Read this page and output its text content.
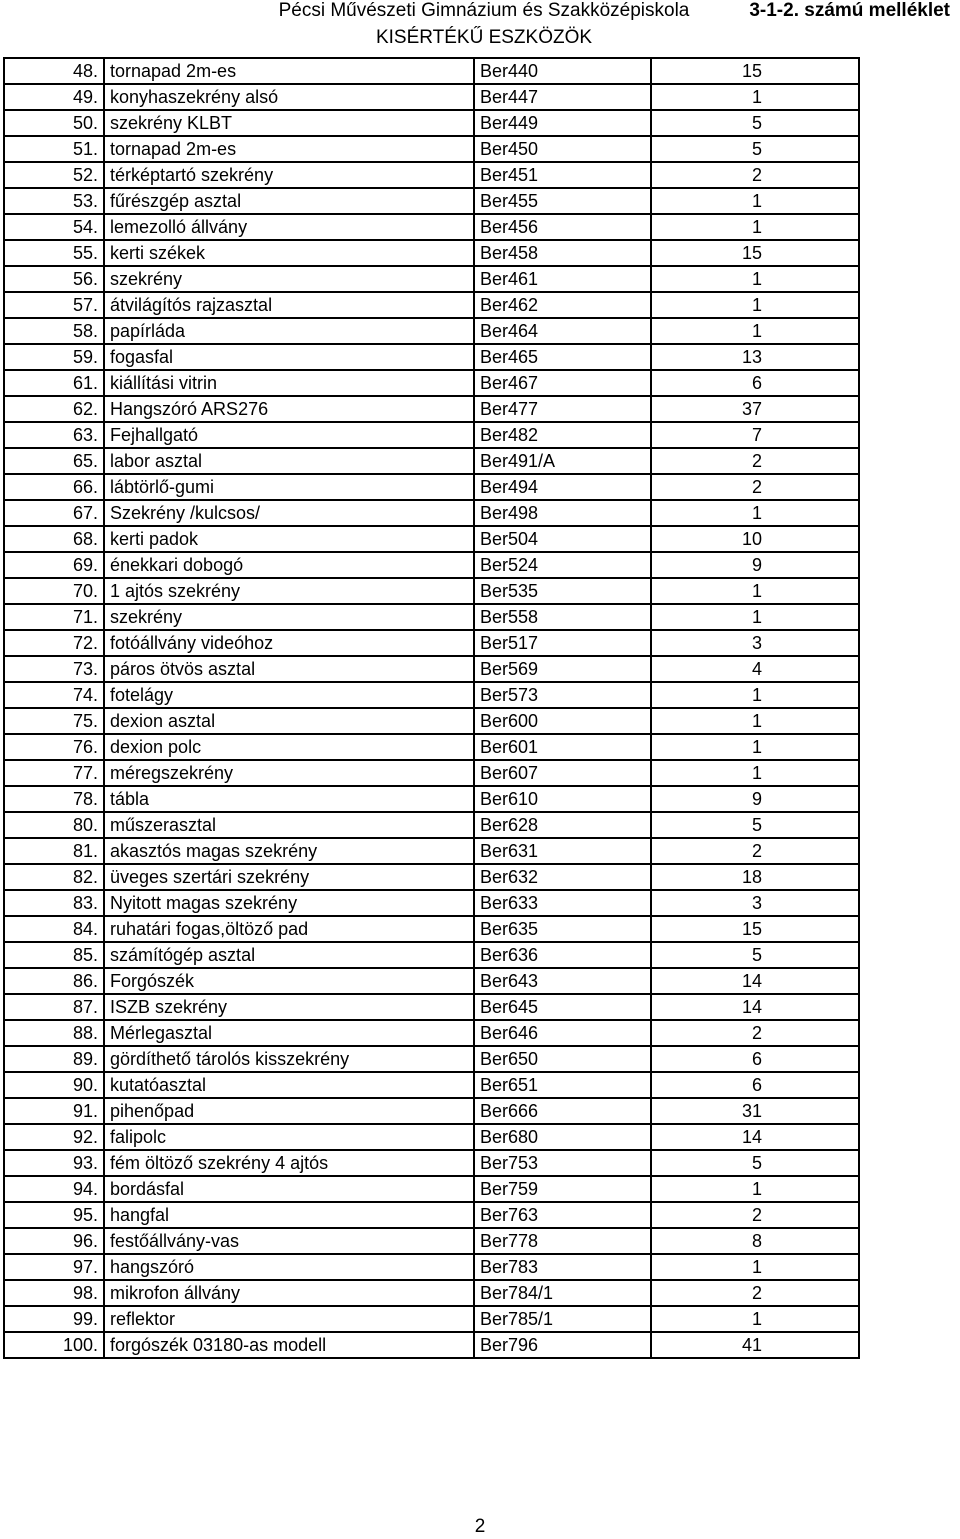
Pécsi Művészeti Gimnázium és Szakközépiskola
KISÉRTÉKŰ ESZKÖZÖK
3-1-2. számú melléklet
48.	tornapad 2m-es	Ber440	15
49.	konyhaszekrény alsó	Ber447	1
50.	szekrény KLBT	Ber449	5
51.	tornapad 2m-es	Ber450	5
52.	térképtartó szekrény	Ber451	2
53.	fűrészgép asztal	Ber455	1
54.	lemezolló állvány	Ber456	1
55.	kerti székek	Ber458	15
56.	szekrény	Ber461	1
57.	átvilágítós rajzasztal	Ber462	1
58.	papírláda	Ber464	1
59.	fogasfal	Ber465	13
61.	kiállítási vitrin	Ber467	6
62.	Hangszóró ARS276	Ber477	37
63.	Fejhallgató	Ber482	7
65.	labor asztal	Ber491/A	2
66.	lábtörlő-gumi	Ber494	2
67.	Szekrény /kulcsos/	Ber498	1
68.	kerti padok	Ber504	10
69.	énekkari dobogó	Ber524	9
70.	1 ajtós szekrény	Ber535	1
71.	szekrény	Ber558	1
72.	fotóállvány videóhoz	Ber517	3
73.	páros ötvös asztal	Ber569	4
74.	fotelágy	Ber573	1
75.	dexion asztal	Ber600	1
76.	dexion polc	Ber601	1
77.	méregszekrény	Ber607	1
78.	tábla	Ber610	9
80.	műszerasztal	Ber628	5
81.	akasztós magas szekrény	Ber631	2
82.	üveges szertári szekrény	Ber632	18
83.	Nyitott magas szekrény	Ber633	3
84.	ruhatári fogas,öltöző pad	Ber635	15
85.	számítógép asztal	Ber636	5
86.	Forgószék	Ber643	14
87.	ISZB szekrény	Ber645	14
88.	Mérlegasztal	Ber646	2
89.	gördíthető tárolós kisszekrény	Ber650	6
90.	kutatóasztal	Ber651	6
91.	pihenőpad	Ber666	31
92.	falipolc	Ber680	14
93.	fém öltöző szekrény 4 ajtós	Ber753	5
94.	bordásfal	Ber759	1
95.	hangfal	Ber763	2
96.	festőállvány-vas	Ber778	8
97.	hangszóró	Ber783	1
98.	mikrofon állvány	Ber784/1	2
99.	reflektor	Ber785/1	1
100.	forgószék 03180-as modell	Ber796	41
2
